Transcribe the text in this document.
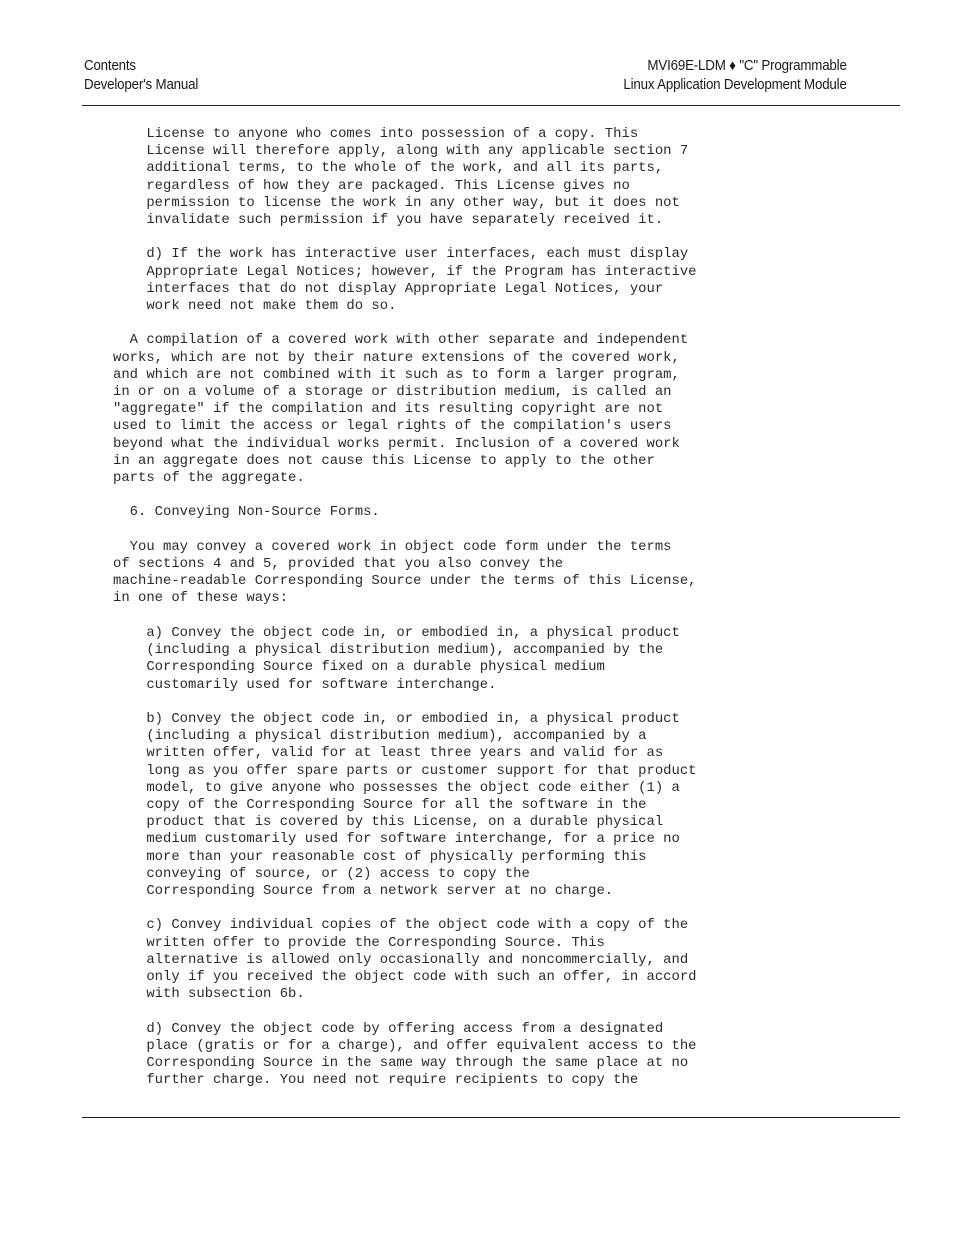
Contents
Developer's Manual
MVI69E-LDM ♦ "C" Programmable
Linux Application Development Module

License to anyone who comes into possession of a copy. This

License will therefore apply, along with any applicable section 7

additional terms, to the whole of the work, and all its parts,

regardless of how they are packaged. This License gives no

permission to license the work in any other way, but it does not

invalidate such permission if you have separately received it.

d) If the work has interactive user interfaces, each must display

Appropriate Legal Notices; however, if the Program has interactive

interfaces that do not display Appropriate Legal Notices, your

work need not make them do so.

A compilation of a covered work with other separate and independent

works, which are not by their nature extensions of the covered work,

and which are not combined with it such as to form a larger program,

in or on a volume of a storage or distribution medium, is called an

"aggregate" if the compilation and its resulting copyright are not

used to limit the access or legal rights of the compilation's users

beyond what the individual works permit. Inclusion of a covered work

in an aggregate does not cause this License to apply to the other

parts of the aggregate.

6. Conveying Non-Source Forms.

You may convey a covered work in object code form under the terms

of sections 4 and 5, provided that you also convey the

machine-readable Corresponding Source under the terms of this License,

in one of these ways:

a) Convey the object code in, or embodied in, a physical product

(including a physical distribution medium), accompanied by the

Corresponding Source fixed on a durable physical medium

customarily used for software interchange.

b) Convey the object code in, or embodied in, a physical product

(including a physical distribution medium), accompanied by a

written offer, valid for at least three years and valid for as

long as you offer spare parts or customer support for that product

model, to give anyone who possesses the object code either (1) a

copy of the Corresponding Source for all the software in the

product that is covered by this License, on a durable physical

medium customarily used for software interchange, for a price no

more than your reasonable cost of physically performing this

conveying of source, or (2) access to copy the

Corresponding Source from a network server at no charge.

c) Convey individual copies of the object code with a copy of the

written offer to provide the Corresponding Source. This

alternative is allowed only occasionally and noncommercially, and

only if you received the object code with such an offer, in accord

with subsection 6b.

d) Convey the object code by offering access from a designated

place (gratis or for a charge), and offer equivalent access to the

Corresponding Source in the same way through the same place at no

further charge. You need not require recipients to copy the
